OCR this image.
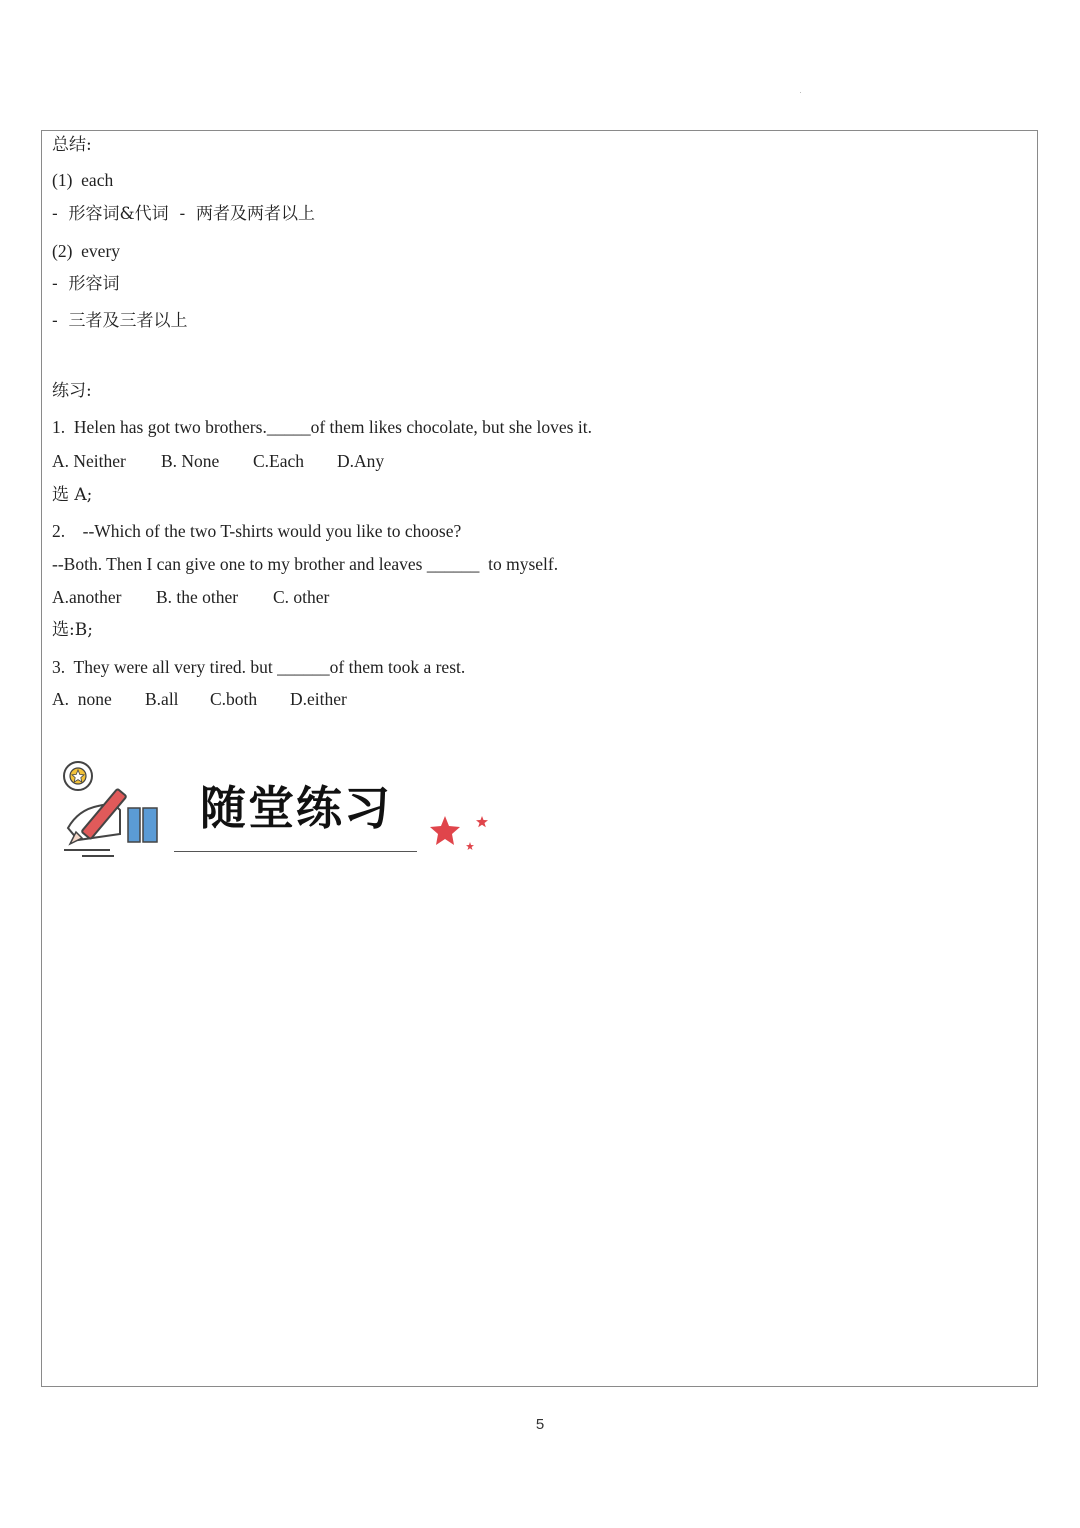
总结:
(1)  each
-  形容词&代词  -  两者及两者以上
(2)  every
-  形容词
-  三者及三者以上
练习:
1.  Helen has got two brothers._____of them likes chocolate, but she loves it.
A. Neither B. None C.Each D.Any
选 A;
2.    --Which of the two T-shirts would you like to choose?
--Both. Then I can give one to my brother and leaves ______  to myself.
A.another B. the other C. other
选:B;
3.  They were all very tired. but ______of them took a rest.
A.  none B.all C.both D.either
随堂练习
5
